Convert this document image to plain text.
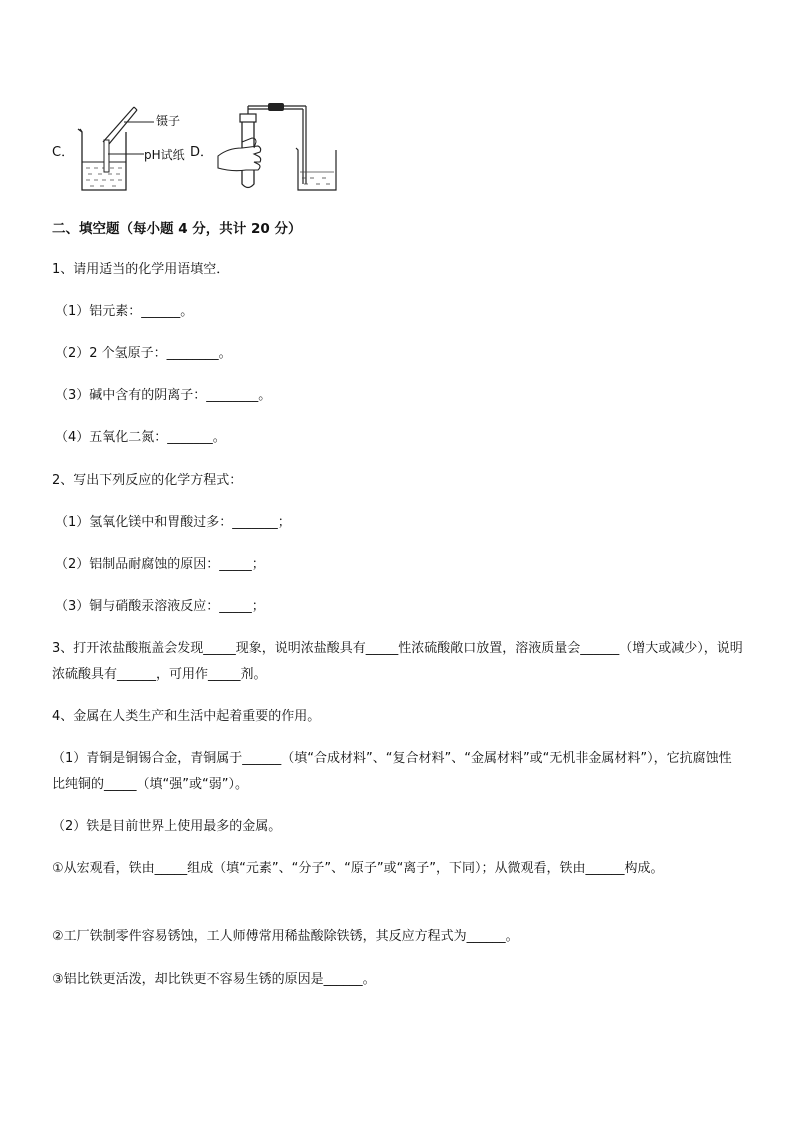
C．
镊子
pH试纸 D．
二、填空题（每小题 4 分，共计 20 分）
1、请用适当的化学用语填空．
（1）铝元素：______。
（2）2 个氢原子：________。
（3）碱中含有的阴离子：________。
（4）五氧化二氮：_______。
2、写出下列反应的化学方程式：
（1）氢氧化镁中和胃酸过多：_______；
（2）铝制品耐腐蚀的原因：_____；
（3）铜与硝酸汞溶液反应：_____；
3、打开浓盐酸瓶盖会发现_____现象，说明浓盐酸具有_____性浓硫酸敞口放置，溶液质量会______（增大或减少），说明浓硫酸具有______，可用作_____剂。
4、金属在人类生产和生活中起着重要的作用。
（1）青铜是铜锡合金，青铜属于______（填“合成材料”、“复合材料”、“金属材料”或“无机非金属材料”），它抗腐蚀性比纯铜的_____（填“强”或“弱”）。
（2）铁是目前世界上使用最多的金属。
①从宏观看，铁由_____组成（填“元素”、“分子”、“原子”或“离子”，下同）；从微观看，铁由______构成。
②工厂铁制零件容易锈蚀，工人师傅常用稀盐酸除铁锈，其反应方程式为______。
③铝比铁更活泼，却比铁更不容易生锈的原因是______。
